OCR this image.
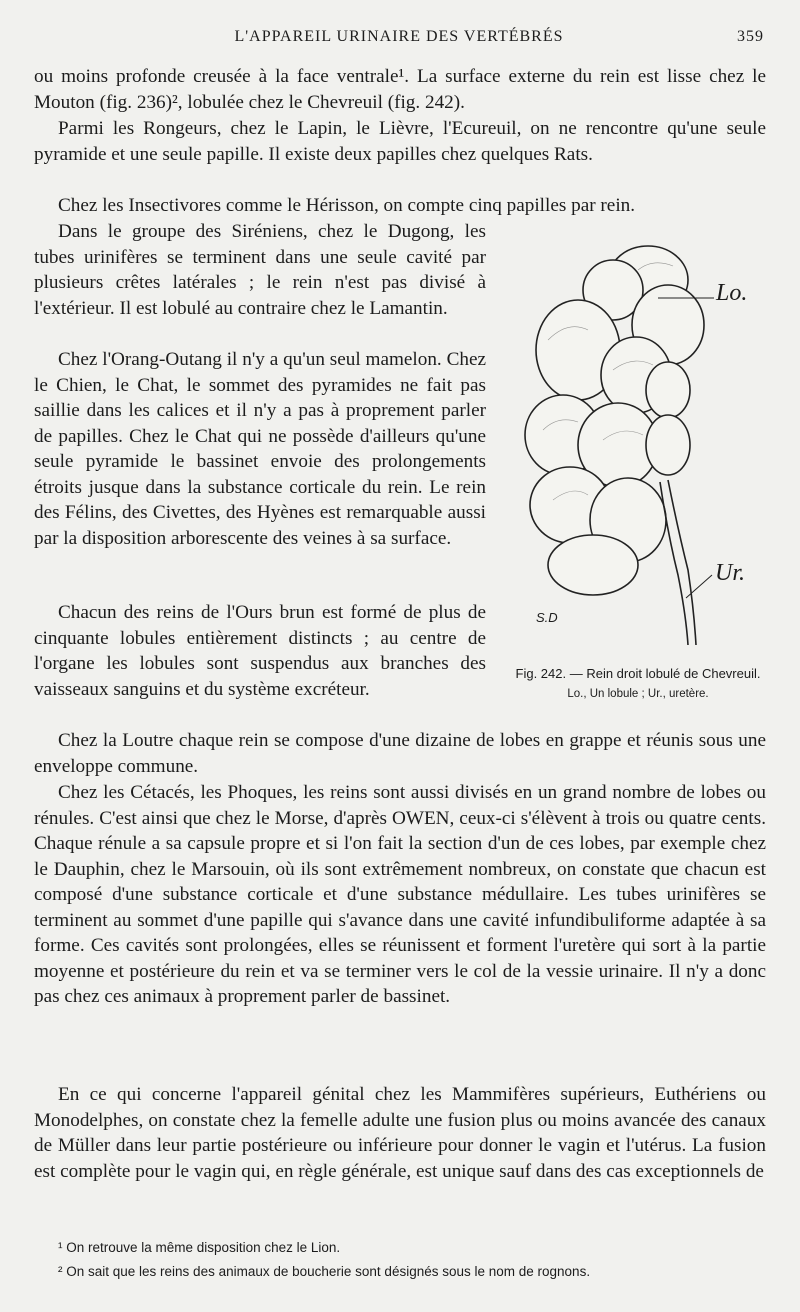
L'APPAREIL URINAIRE DES VERTÉBRÉS	359

ou moins profonde creusée à la face ventrale¹. La surface externe du rein est lisse chez le Mouton (fig. 236)², lobulée chez le Chevreuil (fig. 242).

Parmi les Rongeurs, chez le Lapin, le Lièvre, l'Ecureuil, on ne rencontre qu'une seule pyramide et une seule papille. Il existe deux papilles chez quelques Rats.

Chez les Insectivores comme le Hérisson, on compte cinq papilles par rein.

Dans le groupe des Siréniens, chez le Dugong, les tubes urinifères se terminent dans une seule cavité par plusieurs crêtes latérales ; le rein n'est pas divisé à l'extérieur. Il est lobulé au contraire chez le Lamantin.

Chez l'Orang-Outang il n'y a qu'un seul mamelon. Chez le Chien, le Chat, le sommet des pyramides ne fait pas saillie dans les calices et il n'y a pas à proprement parler de papilles. Chez le Chat qui ne possède d'ailleurs qu'une seule pyramide le bassinet envoie des prolongements étroits jusque dans la substance corticale du rein. Le rein des Félins, des Civettes, des Hyènes est remarquable aussi par la disposition arborescente des veines à sa surface.

Chacun des reins de l'Ours brun est formé de plus de cinquante lobules entièrement distincts ; au centre de l'organe les lobules sont suspendus aux branches des vaisseaux sanguins et du système excréteur.

Chez la Loutre chaque rein se compose d'une dizaine de lobes en grappe et réunis sous une enveloppe commune.

Chez les Cétacés, les Phoques, les reins sont aussi divisés en un grand nombre de lobes ou rénules. C'est ainsi que chez le Morse, d'après OWEN, ceux-ci s'élèvent à trois ou quatre cents. Chaque rénule a sa capsule propre et si l'on fait la section d'un de ces lobes, par exemple chez le Dauphin, chez le Marsouin, où ils sont extrêmement nombreux, on constate que chacun est composé d'une substance corticale et d'une substance médullaire. Les tubes urinifères se terminent au sommet d'une papille qui s'avance dans une cavité infundibuliforme adaptée à sa forme. Ces cavités sont prolongées, elles se réunissent et forment l'uretère qui sort à la partie moyenne et postérieure du rein et va se terminer vers le col de la vessie urinaire. Il n'y a donc pas chez ces animaux à proprement parler de bassinet.

En ce qui concerne l'appareil génital chez les Mammifères supérieurs, Euthériens ou Monodelphes, on constate chez la femelle adulte une fusion plus ou moins avancée des canaux de Müller dans leur partie postérieure ou inférieure pour donner le vagin et l'utérus. La fusion est complète pour le vagin qui, en règle générale, est unique sauf dans des cas exceptionnels de

Lo.
Ur.
S.D
Fig. 242. — Rein droit lobulé de Chevreuil.
Lo., Un lobule ; Ur., uretère.
¹ On retrouve la même disposition chez le Lion.
² On sait que les reins des animaux de boucherie sont désignés sous le nom de rognons.
